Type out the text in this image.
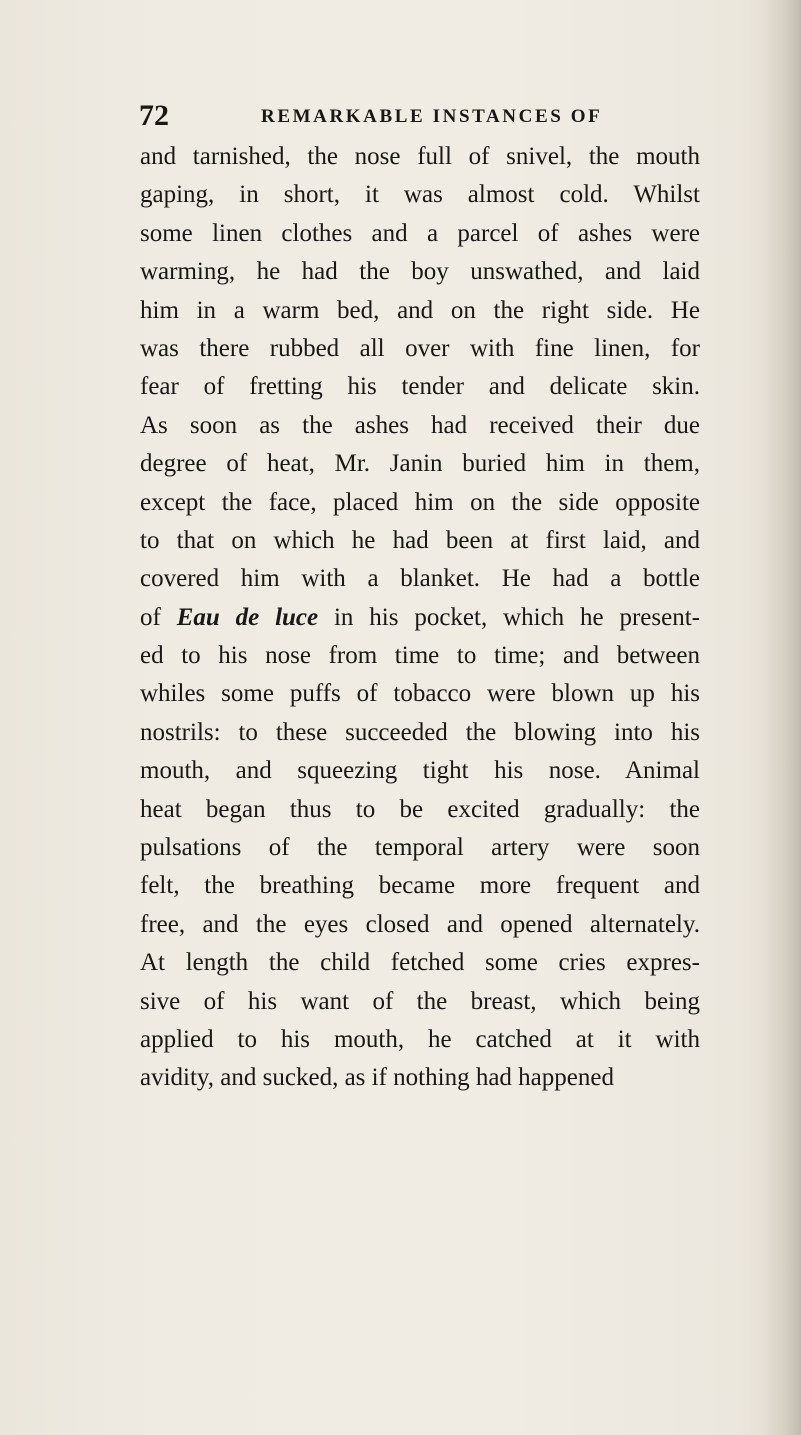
72	REMARKABLE INSTANCES OF
and tarnished, the nose full of snivel, the mouth
gaping, in short, it was almost cold. Whilst
some linen clothes and a parcel of ashes were
warming, he had the boy unswathed, and laid
him in a warm bed, and on the right side. He
was there rubbed all over with fine linen, for
fear of fretting his tender and delicate skin.
As soon as the ashes had received their due
degree of heat, Mr. Janin buried him in them,
except the face, placed him on the side opposite
to that on which he had been at first laid, and
covered him with a blanket. He had a bottle
of Eau de luce in his pocket, which he present-
ed to his nose from time to time; and between
whiles some puffs of tobacco were blown up his
nostrils: to these succeeded the blowing into his
mouth, and squeezing tight his nose. Animal
heat began thus to be excited gradually: the
pulsations of the temporal artery were soon
felt, the breathing became more frequent and
free, and the eyes closed and opened alternately.
At length the child fetched some cries expres-
sive of his want of the breast, which being
applied to his mouth, he catched at it with
avidity, and sucked, as if nothing had happened
